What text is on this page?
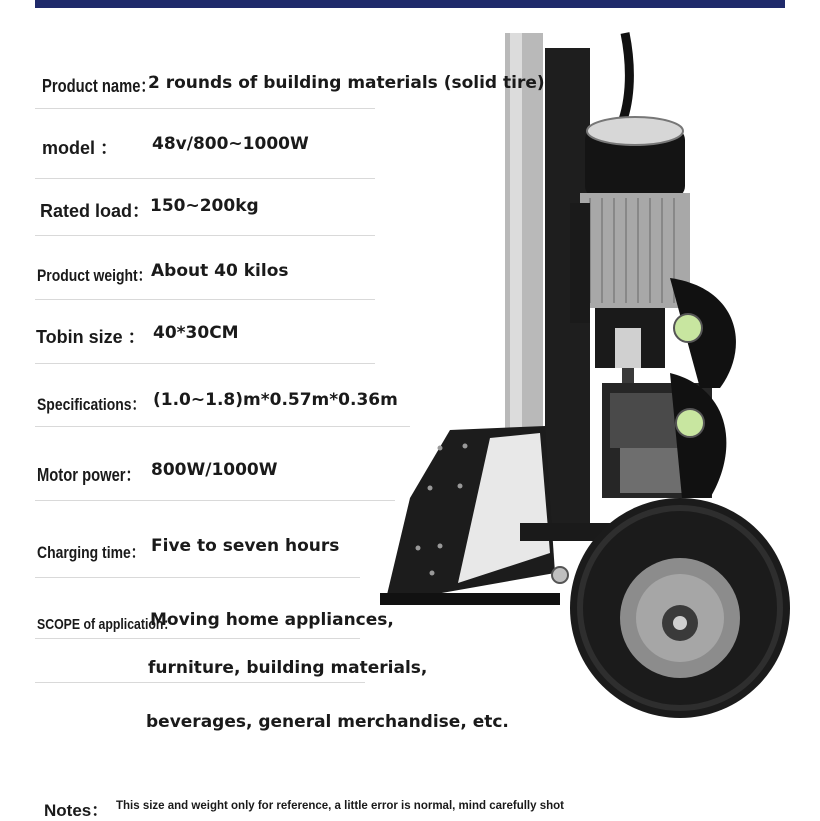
Product name：
2 rounds of building materials (solid tire)
model ： 48v/800~1000W
Rated load： 150~200kg
Product weight： About 40 kilos
Tobin size ： 40*30CM
Specifications： (1.0~1.8)m*0.57m*0.36m
Motor power： 800W/1000W
Charging time： Five to seven hours
SCOPE of application：
Moving home appliances,
furniture, building materials,
beverages, general merchandise, etc.
Notes： This size and weight only for reference, a little error is normal, mind carefully shot
